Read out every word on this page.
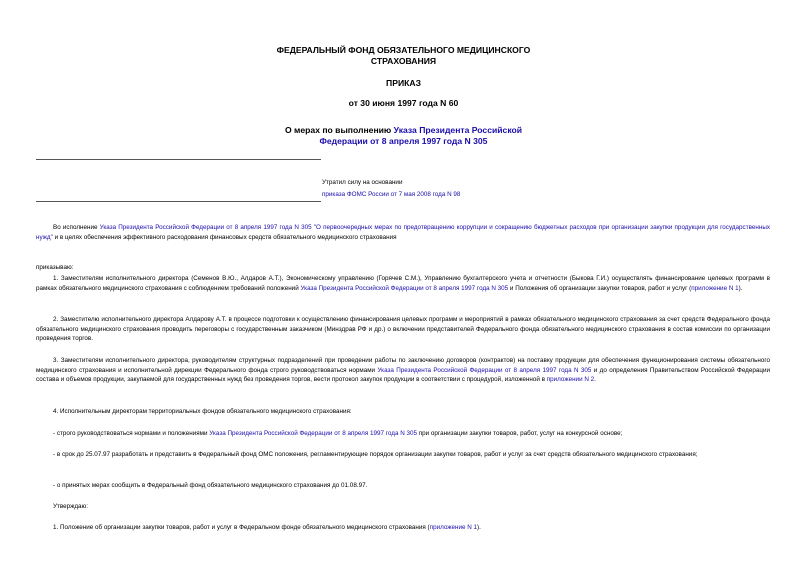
ФЕДЕРАЛЬНЫЙ ФОНД ОБЯЗАТЕЛЬНОГО МЕДИЦИНСКОГО
СТРАХОВАНИЯ
ПРИКАЗ
от 30 июня 1997 года N 60
О мерах по выполнению Указа Президента Российской
Федерации от 8 апреля 1997 года N 305
Утратил силу на основании
приказа ФОМС России от 7 мая 2008 года N 98
Во исполнение Указа Президента Российской Федерации от 8 апреля 1997 года N 305 "О первоочередных мерах по предотвращению коррупции и сокращению бюджетных расходов при организации закупки продукции для государственных нужд" и в целях обеспечения эффективного расходования финансовых средств обязательного медицинского страхования
приказываю:
1. Заместителям исполнительного директора (Семенов В.Ю., Алдаров А.Т.), Экономическому управлению (Горячев С.М.), Управлению бухгалтерского учета и отчетности (Быкова Г.И.) осуществлять финансирование целевых программ в рамках обязательного медицинского страхования с соблюдением требований положений Указа Президента Российской Федерации от 8 апреля 1997 года N 305 и Положения об организации закупки товаров, работ и услуг (приложение N 1).
2. Заместителю исполнительного директора Алдарову А.Т. в процессе подготовки к осуществлению финансирования целевых программ и мероприятий в рамках обязательного медицинского страхования за счет средств Федерального фонда обязательного медицинского страхования проводить переговоры с государственным заказчиком (Минздрав РФ и др.) о включении представителей Федерального фонда обязательного медицинского страхования в состав комиссии по организации проведения торгов.
3. Заместителям исполнительного директора, руководителям структурных подразделений при проведении работы по заключению договоров (контрактов) на поставку продукции для обеспечения функционирования системы обязательного медицинского страхования и исполнительной дирекции Федерального фонда строго руководствоваться нормами Указа Президента Российской Федерации от 8 апреля 1997 года N 305 и до определения Правительством Российской Федерации состава и объемов продукции, закупаемой для государственных нужд без проведения торгов, вести протокол закупок продукции в соответствии с процедурой, изложенной в приложении N 2.
4. Исполнительным директорам территориальных фондов обязательного медицинского страхования:
- строго руководствоваться нормами и положениями Указа Президента Российской Федерации от 8 апреля 1997 года N 305 при организации закупки товаров, работ, услуг на конкурсной основе;
- в срок до 25.07.97 разработать и представить в Федеральный фонд ОМС положения, регламентирующие порядок организации закупки товаров, работ и услуг за счет средств обязательного медицинского страхования;
- о принятых мерах сообщить в Федеральный фонд обязательного медицинского страхования до 01.08.97.
Утверждаю:
1. Положение об организации закупки товаров, работ и услуг в Федеральном фонде обязательного медицинского страхования (приложение N 1).
